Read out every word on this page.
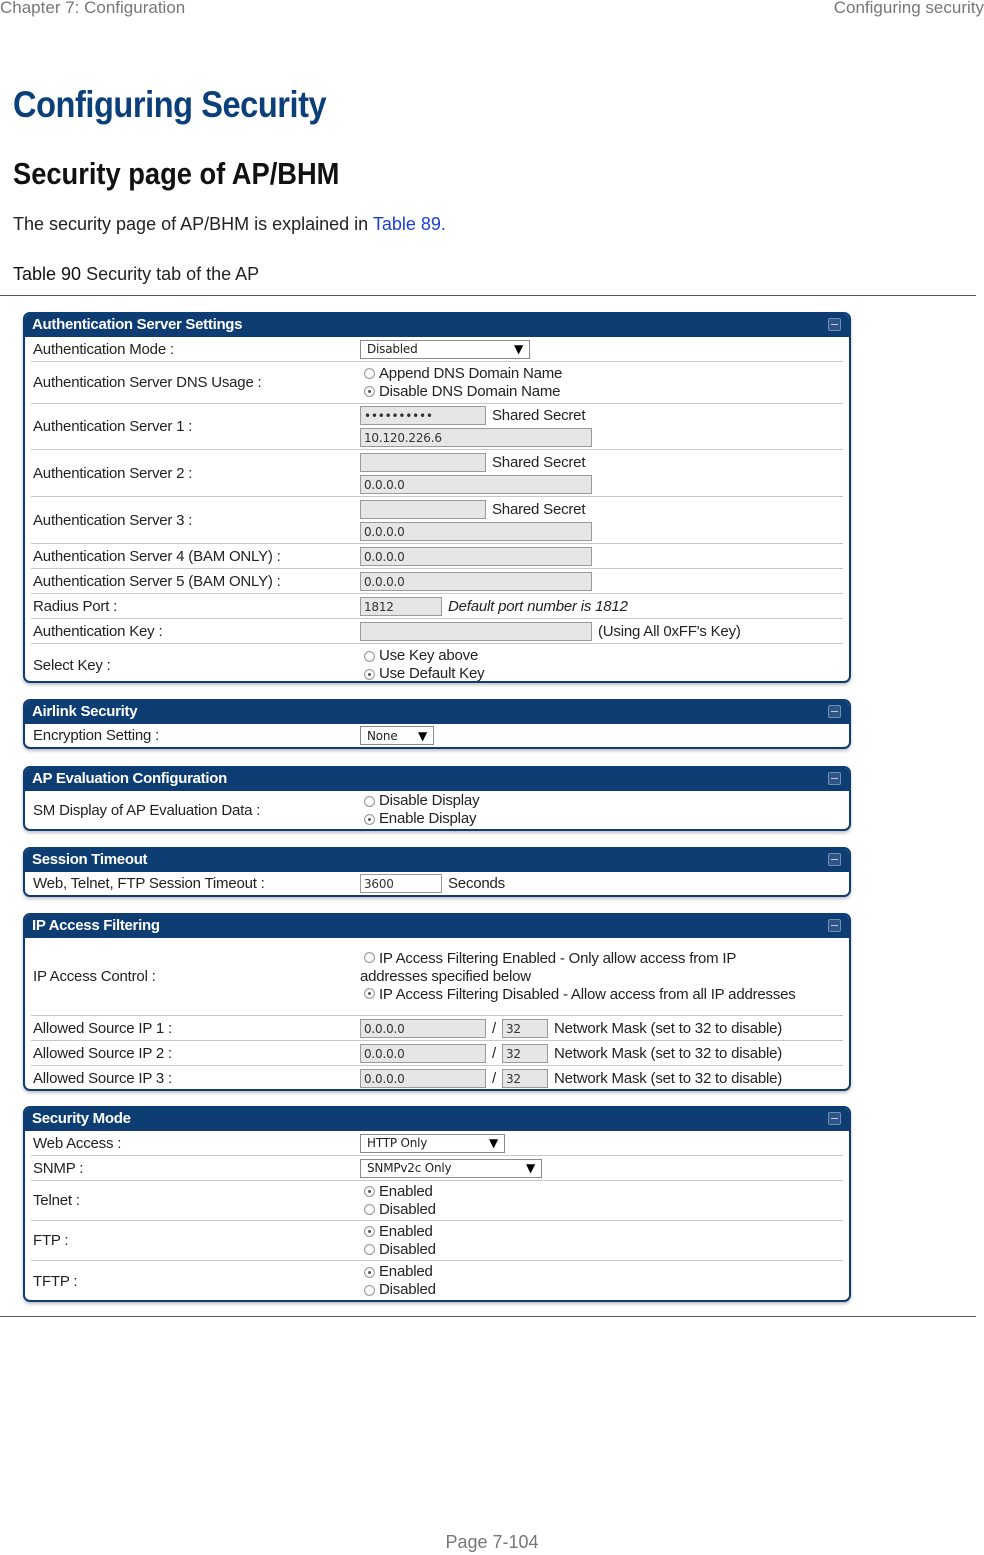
Chapter 7: Configuration	Configuring security
Configuring Security
Security page of AP/BHM
The security page of AP/BHM is explained in Table 89.
Table 90 Security tab of the AP
Authentication Server Settings
Authentication Mode :	Disabled	▼
Authentication Server DNS Usage :
Append DNS Domain Name
Disable DNS Domain Name
Authentication Server 1 :
••••••••••	Shared Secret
10.120.226.6
Authentication Server 2 :
Shared Secret
0.0.0.0
Authentication Server 3 :
Shared Secret
0.0.0.0
Authentication Server 4 (BAM ONLY) :	0.0.0.0
Authentication Server 5 (BAM ONLY) :	0.0.0.0
Radius Port :	1812	Default port number is 1812
Authentication Key :	(Using All 0xFF's Key)
Select Key :
Use Key above
Use Default Key
Airlink Security
Encryption Setting :	None ▼
AP Evaluation Configuration
SM Display of AP Evaluation Data :
Disable Display
Enable Display
Session Timeout
Web, Telnet, FTP Session Timeout :	3600	Seconds
IP Access Filtering
IP Access Control :
IP Access Filtering Enabled - Only allow access from IP addresses specified below
IP Access Filtering Disabled - Allow access from all IP addresses
Allowed Source IP 1 :	0.0.0.0	/ 32	Network Mask (set to 32 to disable)
Allowed Source IP 2 :	0.0.0.0	/ 32	Network Mask (set to 32 to disable)
Allowed Source IP 3 :	0.0.0.0	/ 32	Network Mask (set to 32 to disable)
Security Mode
Web Access :	HTTP Only	▼
SNMP :	SNMPv2c Only	▼
Telnet :
Enabled
Disabled
FTP :
Enabled
Disabled
TFTP :
Enabled
Disabled
Page 7-104
